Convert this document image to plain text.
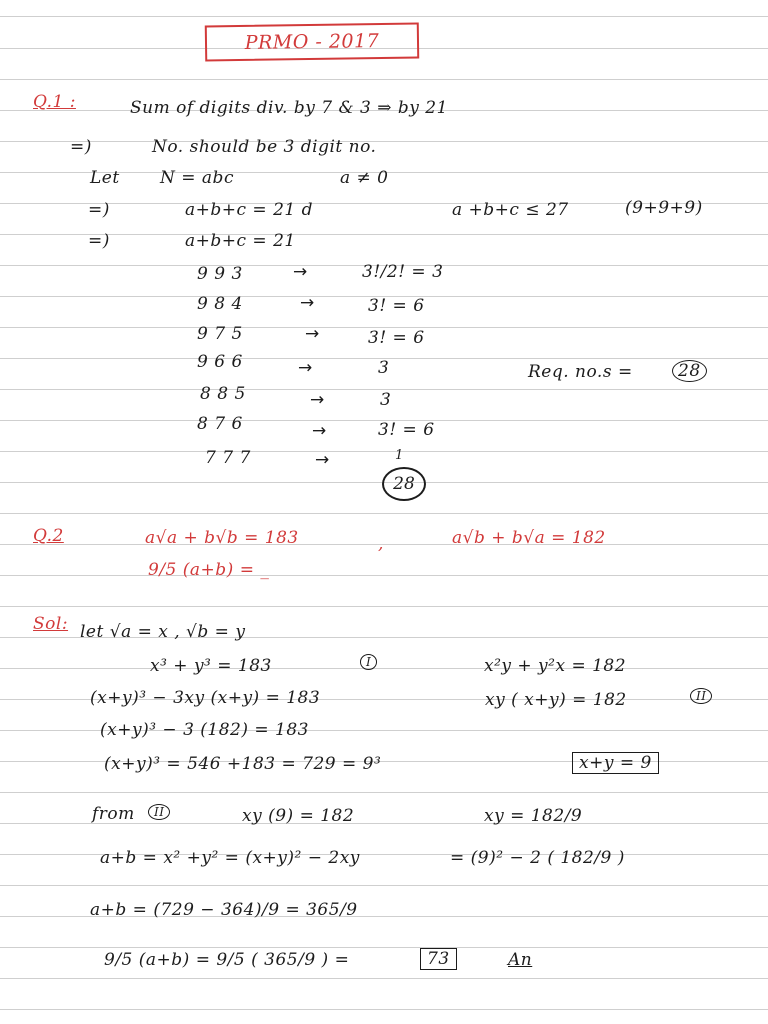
PRMO - 2017
Q.1 :	Sum of digits div. by 7 & 3 ⇒ by 21
=)	No. should be 3 digit no.
Let N = abc	a ≠ 0
=)	a+b+c = 21 d	a +b+c ≤ 27	(9+9+9)
=)	a+b+c = 21
9 9 3	→	3!/2! = 3
9 8 4	→	3! = 6
9 7 5	→	3! = 6
9 6 6	→	3
8 8 5	→	3
8 7 6	→	3! = 6
7 7 7	→	1
Req. no.s =	28
28
Q.2	a√a + b√b = 183	,	a√b + b√a = 182
9/5 (a+b) = _
Sol: let √a = x , √b = y
x³ + y³ = 183	I	x²y + y²x = 182
(x+y)³ − 3xy (x+y) = 183	xy ( x+y) = 182	II
(x+y)³ − 3 (182) = 183
(x+y)³ = 546 +183 = 729 = 9³	x+y = 9
from	II	xy (9) = 182	xy = 182/9
a+b = x² +y² = (x+y)² − 2xy	= (9)² − 2 ( 182/9 )
a+b = (729 − 364)/9 = 365/9
9/5 (a+b) = 9/5 ( 365/9 ) =	73	An
